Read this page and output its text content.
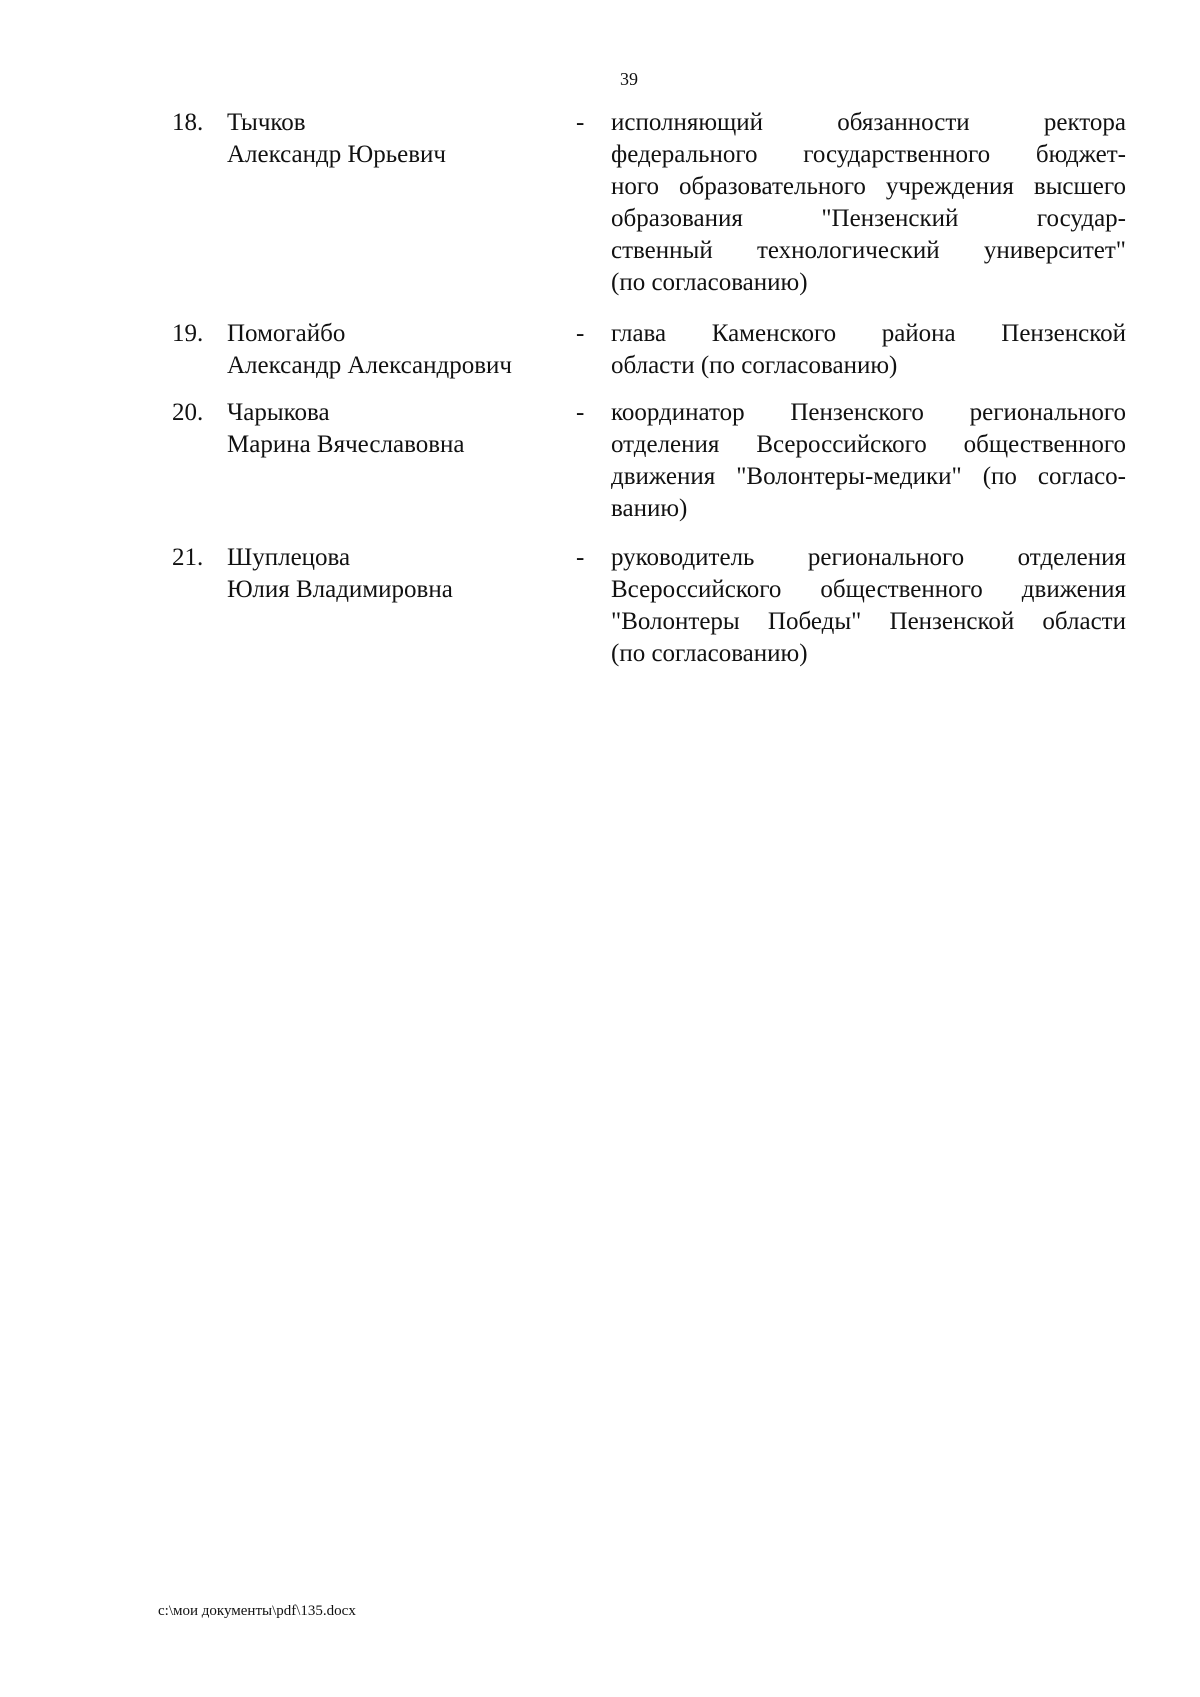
39
18. Тычков
Александр Юрьевич
-	исполняющий обязанности ректора
федерального государственного бюджет-
ного образовательного учреждения высшего
образования "Пензенский государ-
ственный технологический университет"
(по согласованию)
19. Помогайбо
Александр Александрович
-	глава Каменского района Пензенской
области (по согласованию)
20. Чарыкова
Марина Вячеславовна
-	координатор Пензенского регионального
отделения Всероссийского общественного
движения "Волонтеры-медики" (по согласо-
ванию)
21. Шуплецова
Юлия Владимировна
-	руководитель регионального отделения
Всероссийского общественного движения
"Волонтеры Победы" Пензенской области
(по согласованию)
c:\мои документы\pdf\135.docx
